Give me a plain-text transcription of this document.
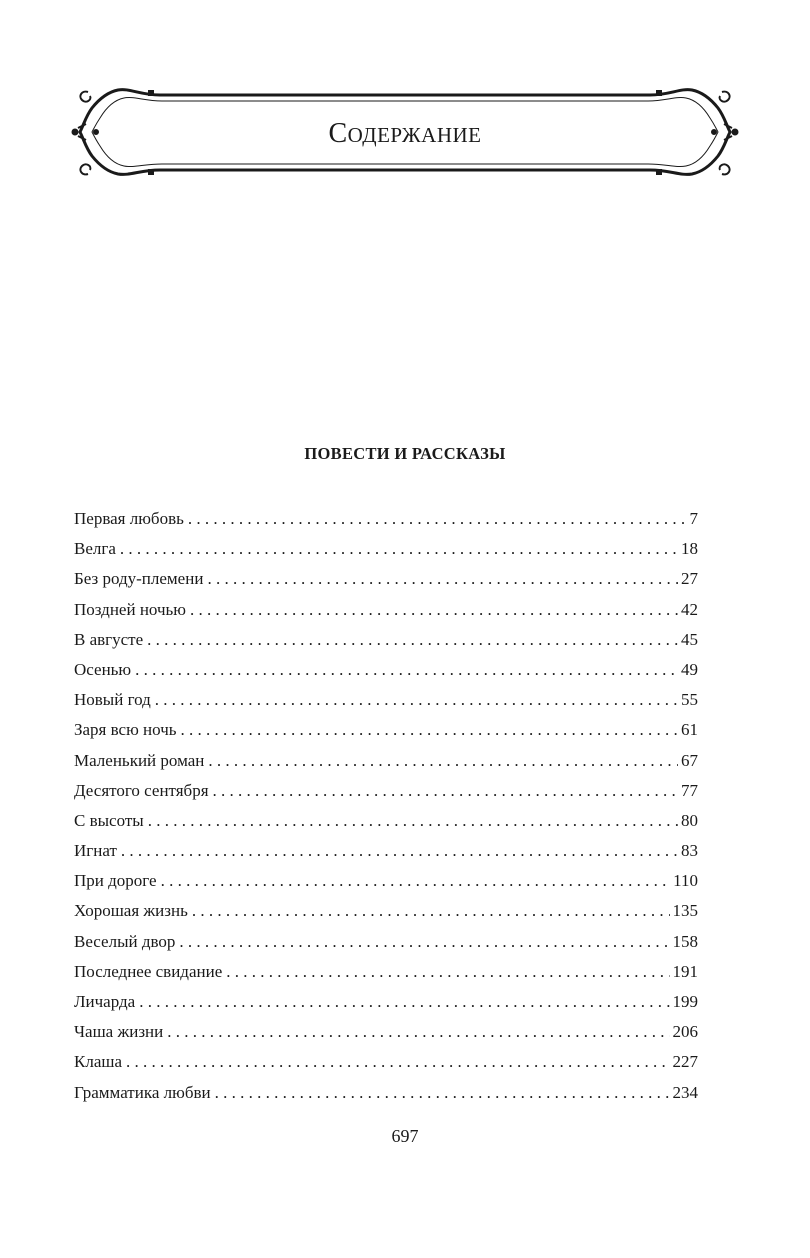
СОДЕРЖАНИЕ
ПОВЕСТИ И РАССКАЗЫ
Первая любовь . . .	7
Велга . . .	18
Без роду-племени . . .	27
Поздней ночью . . .	42
В августе . . .	45
Осенью . . .	49
Новый год . . .	55
Заря всю ночь . . .	61
Маленький роман . . .	67
Десятого сентября . . .	77
С высоты . . .	80
Игнат . . .	83
При дороге . . .	110
Хорошая жизнь . . .	135
Веселый двор . . .	158
Последнее свидание . . .	191
Личарда . . .	199
Чаша жизни . . .	206
Клаша . . .	227
Грамматика любви . . .	234
697
